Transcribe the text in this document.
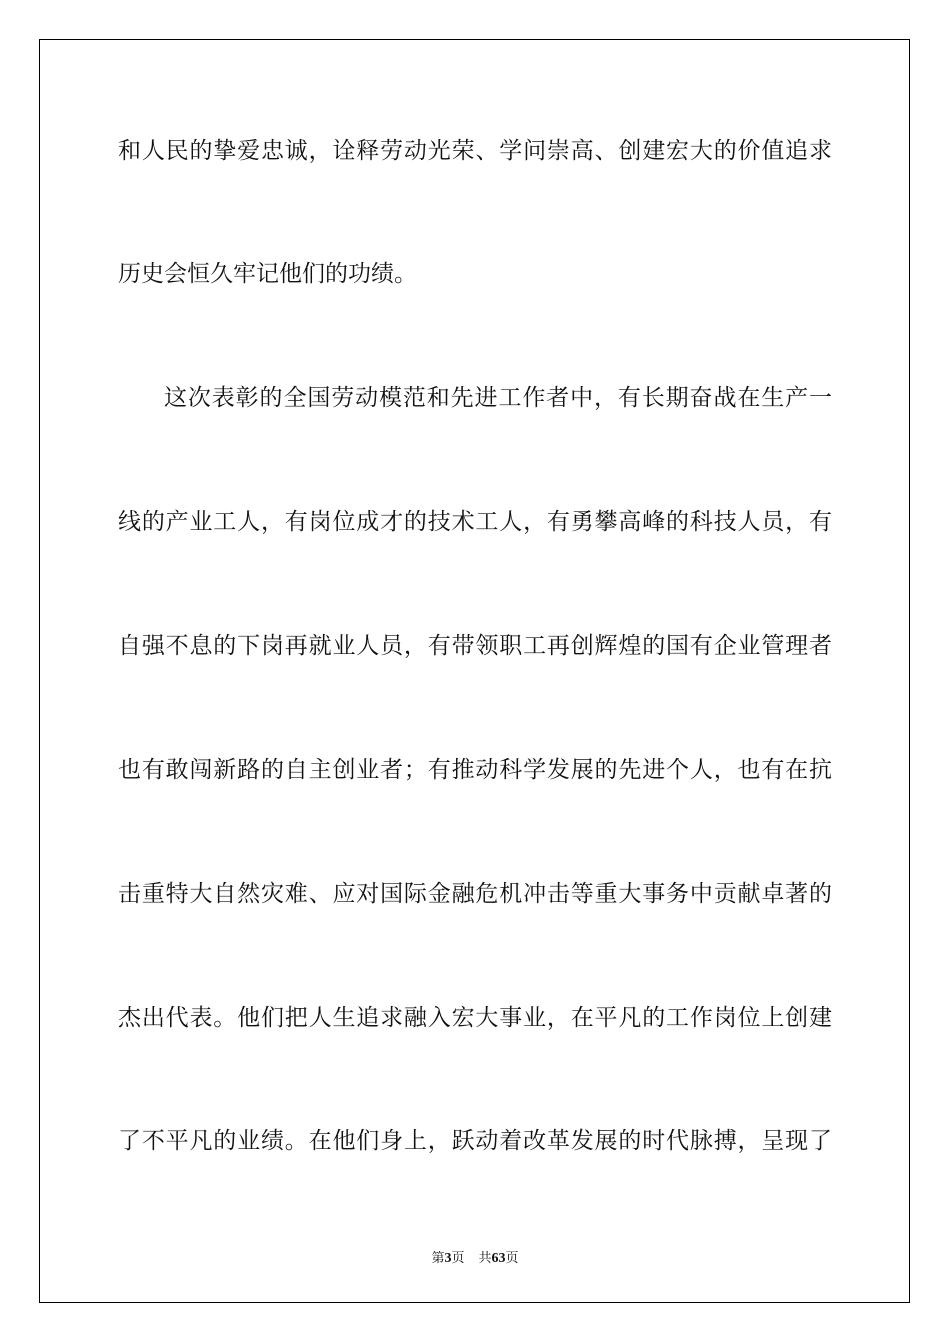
和人民的挚爱忠诚，诠释劳动光荣、学问崇高、创建宏大的价值追求
历史会恒久牢记他们的功绩。
这次表彰的全国劳动模范和先进工作者中，有长期奋战在生产一
线的产业工人，有岗位成才的技术工人，有勇攀高峰的科技人员，有
自强不息的下岗再就业人员，有带领职工再创辉煌的国有企业管理者
也有敢闯新路的自主创业者；有推动科学发展的先进个人，也有在抗
击重特大自然灾难、应对国际金融危机冲击等重大事务中贡献卓著的
杰出代表。他们把人生追求融入宏大事业，在平凡的工作岗位上创建
了不平凡的业绩。在他们身上，跃动着改革发展的时代脉搏，呈现了
第3页 共63页
